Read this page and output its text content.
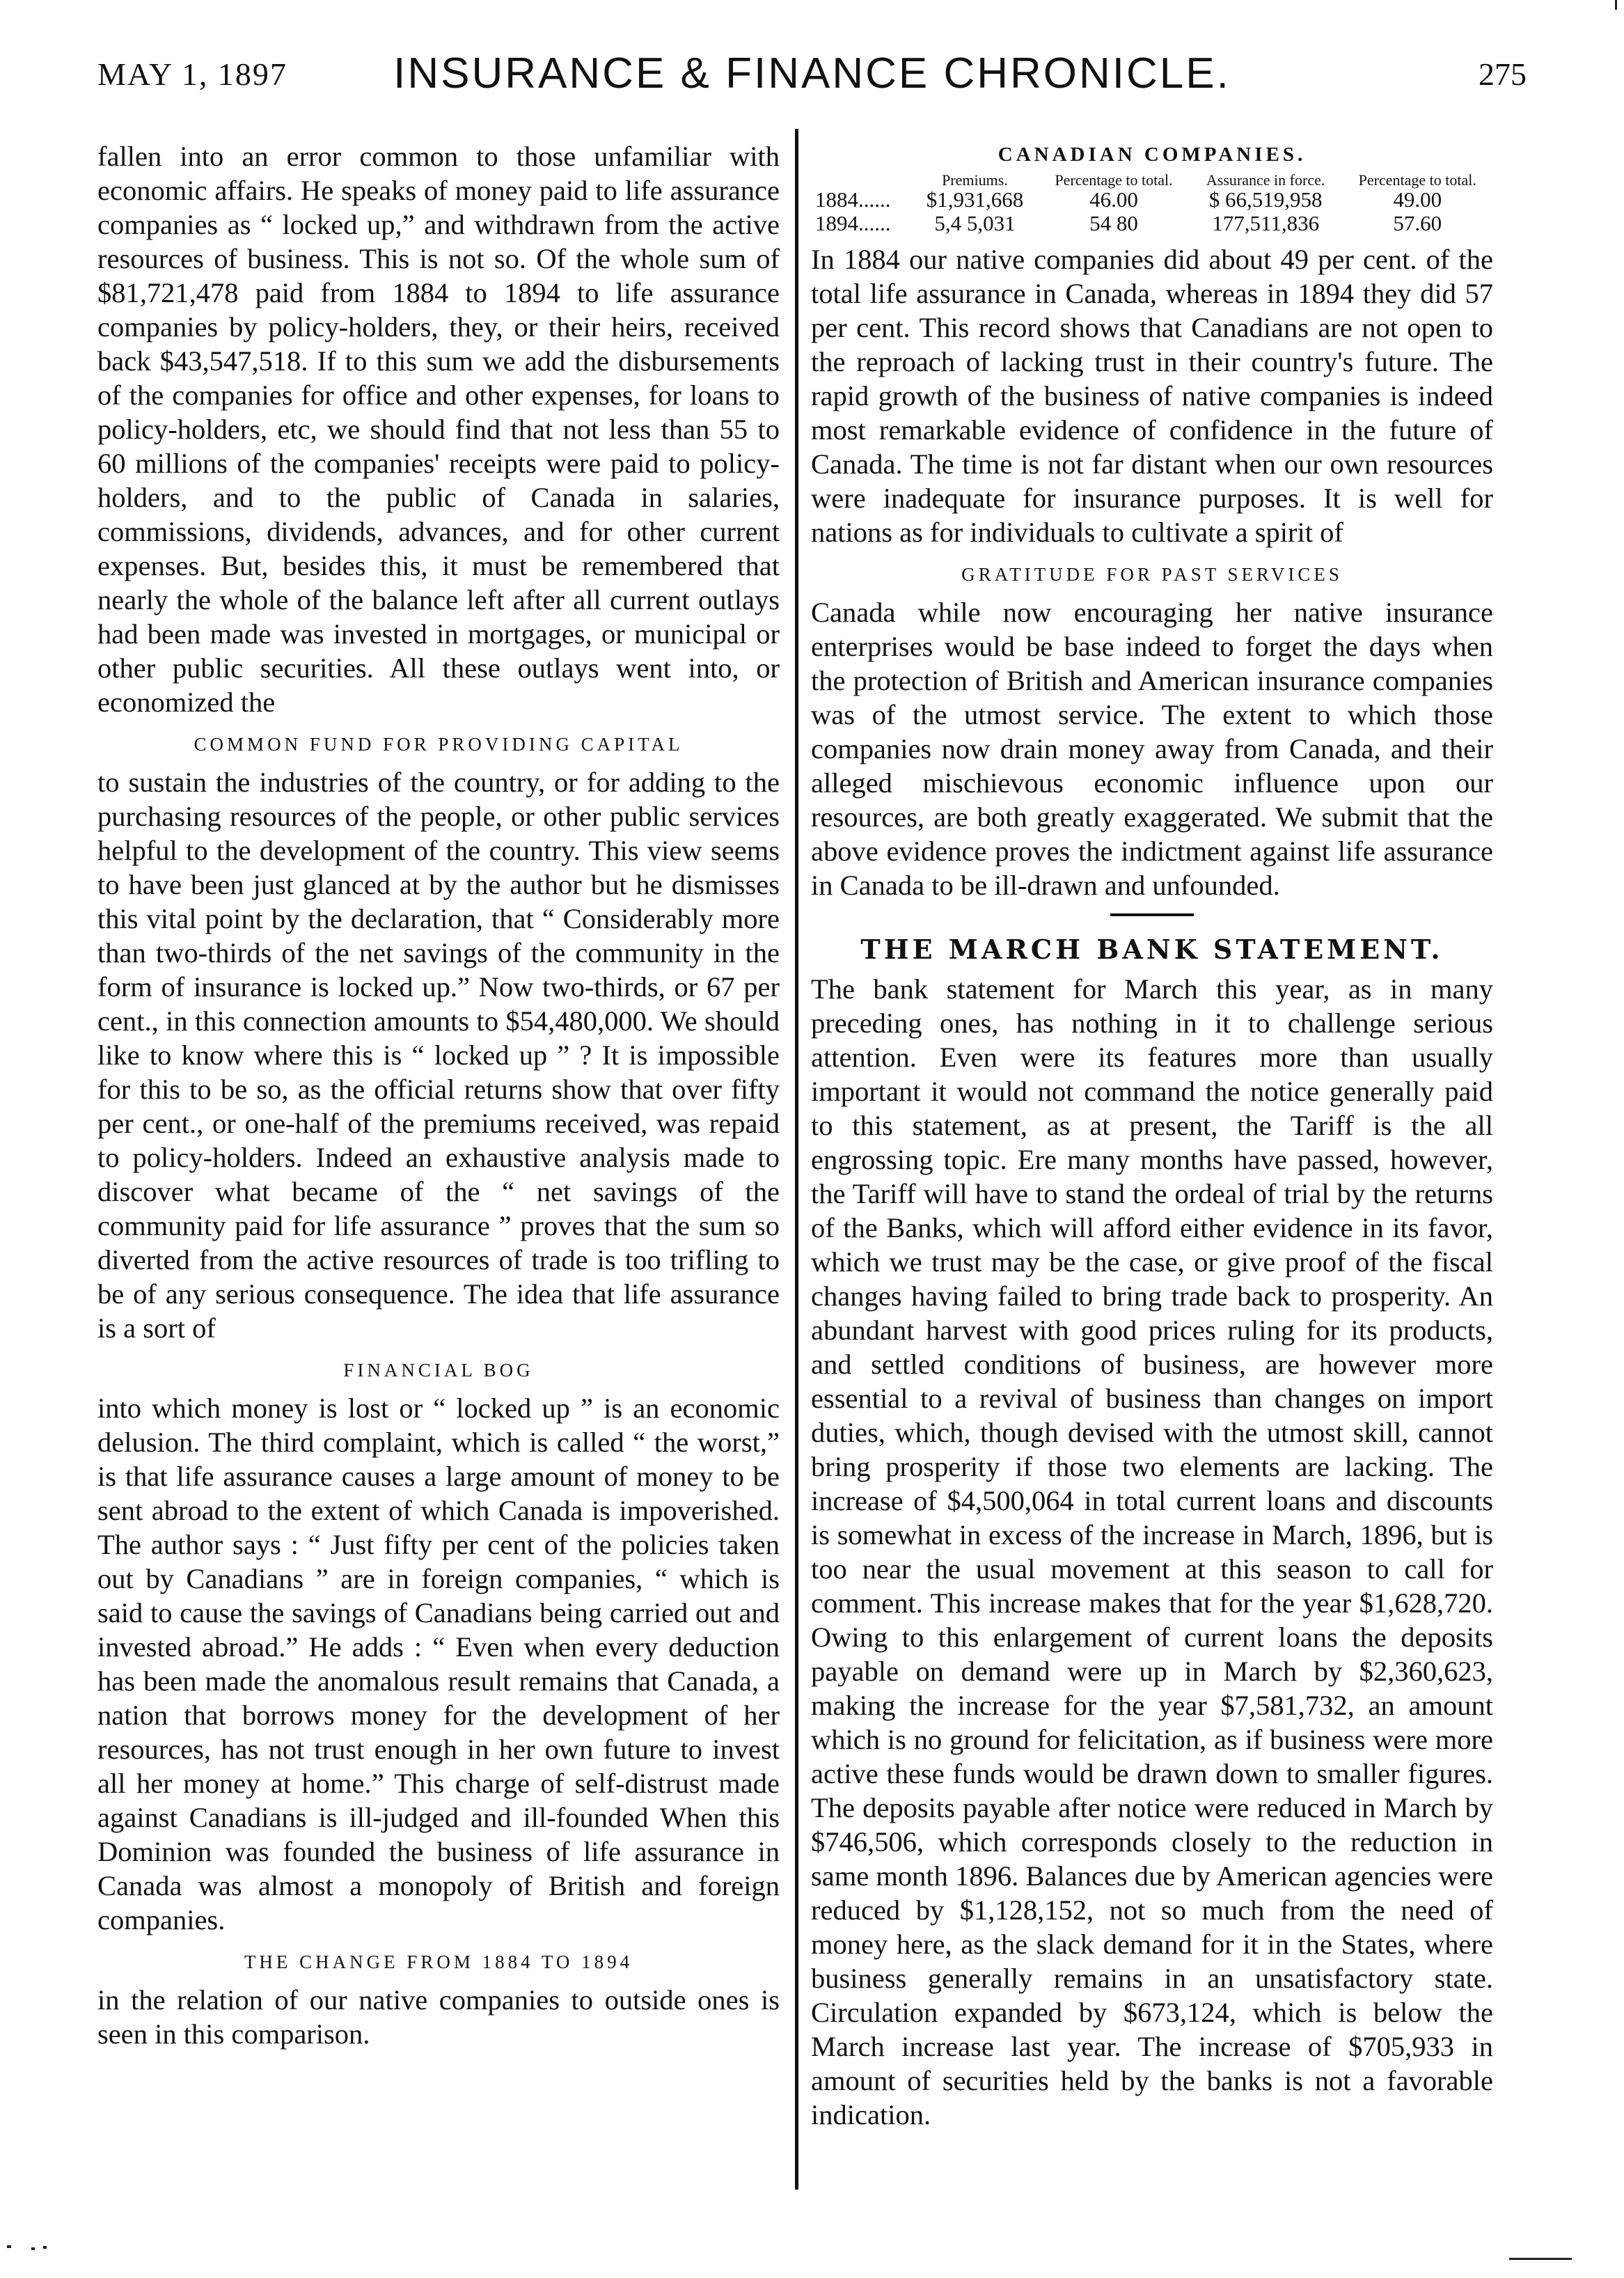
MAY 1, 1897	INSURANCE & FINANCE CHRONICLE.	275

fallen into an error common to those unfamiliar with economic affairs. He speaks of money paid to life assurance companies as “ locked up,” and withdrawn from the active resources of business. This is not so. Of the whole sum of $81,721,478 paid from 1884 to 1894 to life assurance companies by policy-holders, they, or their heirs, received back $43,547,518. If to this sum we add the disbursements of the companies for office and other expenses, for loans to policy-holders, etc, we should find that not less than 55 to 60 millions of the companies' receipts were paid to policy-holders, and to the public of Canada in salaries, commissions, dividends, advances, and for other current expenses. But, besides this, it must be remembered that nearly the whole of the balance left after all current outlays had been made was invested in mortgages, or municipal or other public securities. All these outlays went into, or economized the

COMMON FUND FOR PROVIDING CAPITAL

to sustain the industries of the country, or for adding to the purchasing resources of the people, or other public services helpful to the development of the country. This view seems to have been just glanced at by the author but he dismisses this vital point by the declaration, that “ Considerably more than two-thirds of the net savings of the community in the form of insurance is locked up.” Now two-thirds, or 67 per cent., in this connection amounts to $54,480,000. We should like to know where this is “ locked up ” ? It is impossible for this to be so, as the official returns show that over fifty per cent., or one-half of the premiums received, was repaid to policy-holders. Indeed an exhaustive analysis made to discover what became of the “ net savings of the community paid for life assurance ” proves that the sum so diverted from the active resources of trade is too trifling to be of any serious consequence. The idea that life assurance is a sort of

FINANCIAL BOG

into which money is lost or “ locked up ” is an economic delusion. The third complaint, which is called “ the worst,” is that life assurance causes a large amount of money to be sent abroad to the extent of which Canada is impoverished. The author says : “ Just fifty per cent of the policies taken out by Canadians ” are in foreign companies, “ which is said to cause the savings of Canadians being carried out and invested abroad.” He adds : “ Even when every deduction has been made the anomalous result remains that Canada, a nation that borrows money for the development of her resources, has not trust enough in her own future to invest all her money at home.” This charge of self-distrust made against Canadians is ill-judged and ill-founded When this Dominion was founded the business of life assurance in Canada was almost a monopoly of British and foreign companies.

THE CHANGE FROM 1884 TO 1894

in the relation of our native companies to outside ones is seen in this comparison.

CANADIAN COMPANIES.
	Premiums.	Percentage to total.	Assurance in force.	Percentage to total.
1884......	$1,931,668	46.00	$ 66,519,958	49.00
1894......	5,4 5,031	54 80	177,511,836	57.60

In 1884 our native companies did about 49 per cent. of the total life assurance in Canada, whereas in 1894 they did 57 per cent. This record shows that Canadians are not open to the reproach of lacking trust in their country's future. The rapid growth of the business of native companies is indeed most remarkable evidence of confidence in the future of Canada. The time is not far distant when our own resources were inadequate for insurance purposes. It is well for nations as for individuals to cultivate a spirit of

GRATITUDE FOR PAST SERVICES

Canada while now encouraging her native insurance enterprises would be base indeed to forget the days when the protection of British and American insurance companies was of the utmost service. The extent to which those companies now drain money away from Canada, and their alleged mischievous economic influence upon our resources, are both greatly exaggerated. We submit that the above evidence proves the indictment against life assurance in Canada to be ill-drawn and unfounded.

THE MARCH BANK STATEMENT.

The bank statement for March this year, as in many preceding ones, has nothing in it to challenge serious attention. Even were its features more than usually important it would not command the notice generally paid to this statement, as at present, the Tariff is the all engrossing topic. Ere many months have passed, however, the Tariff will have to stand the ordeal of trial by the returns of the Banks, which will afford either evidence in its favor, which we trust may be the case, or give proof of the fiscal changes having failed to bring trade back to prosperity. An abundant harvest with good prices ruling for its products, and settled conditions of business, are however more essential to a revival of business than changes on import duties, which, though devised with the utmost skill, cannot bring prosperity if those two elements are lacking. The increase of $4,500,064 in total current loans and discounts is somewhat in excess of the increase in March, 1896, but is too near the usual movement at this season to call for comment. This increase makes that for the year $1,628,720. Owing to this enlargement of current loans the deposits payable on demand were up in March by $2,360,623, making the increase for the year $7,581,732, an amount which is no ground for felicitation, as if business were more active these funds would be drawn down to smaller figures. The deposits payable after notice were reduced in March by $746,506, which corresponds closely to the reduction in same month 1896. Balances due by American agencies were reduced by $1,128,152, not so much from the need of money here, as the slack demand for it in the States, where business generally remains in an unsatisfactory state. Circulation expanded by $673,124, which is below the March increase last year. The increase of $705,933 in amount of securities held by the banks is not a favorable indication.
